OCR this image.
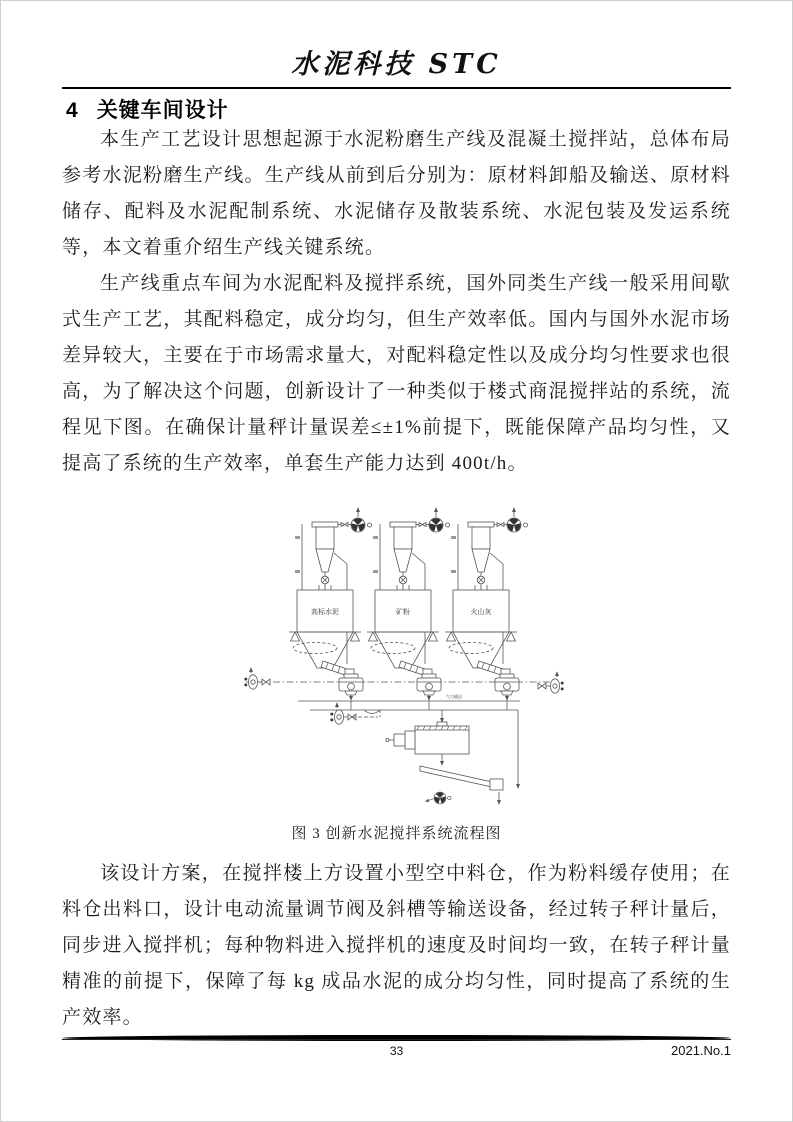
水泥科技 STC
4 关键车间设计

本生产工艺设计思想起源于水泥粉磨生产线及混凝土搅拌站，总体布局参考水泥粉磨生产线。生产线从前到后分别为：原材料卸船及输送、原材料储存、配料及水泥配制系统、水泥储存及散装系统、水泥包装及发运系统等，本文着重介绍生产线关键系统。

生产线重点车间为水泥配料及搅拌系统，国外同类生产线一般采用间歇式生产工艺，其配料稳定，成分均匀，但生产效率低。国内与国外水泥市场差异较大，主要在于市场需求量大，对配料稳定性以及成分均匀性要求也很高，为了解决这个问题，创新设计了一种类似于楼式商混搅拌站的系统，流程见下图。在确保计量秤计量误差≤±1%前提下，既能保障产品均匀性，又提高了系统的生产效率，单套生产能力达到 400t/h。

高标水泥	矿粉	火山灰
气力输送
图 3 创新水泥搅拌系统流程图

该设计方案，在搅拌楼上方设置小型空中料仓，作为粉料缓存使用；在料仓出料口，设计电动流量调节阀及斜槽等输送设备，经过转子秤计量后，同步进入搅拌机；每种物料进入搅拌机的速度及时间均一致，在转子秤计量精准的前提下，保障了每 kg 成品水泥的成分均匀性，同时提高了系统的生产效率。

33	2021.No.1
